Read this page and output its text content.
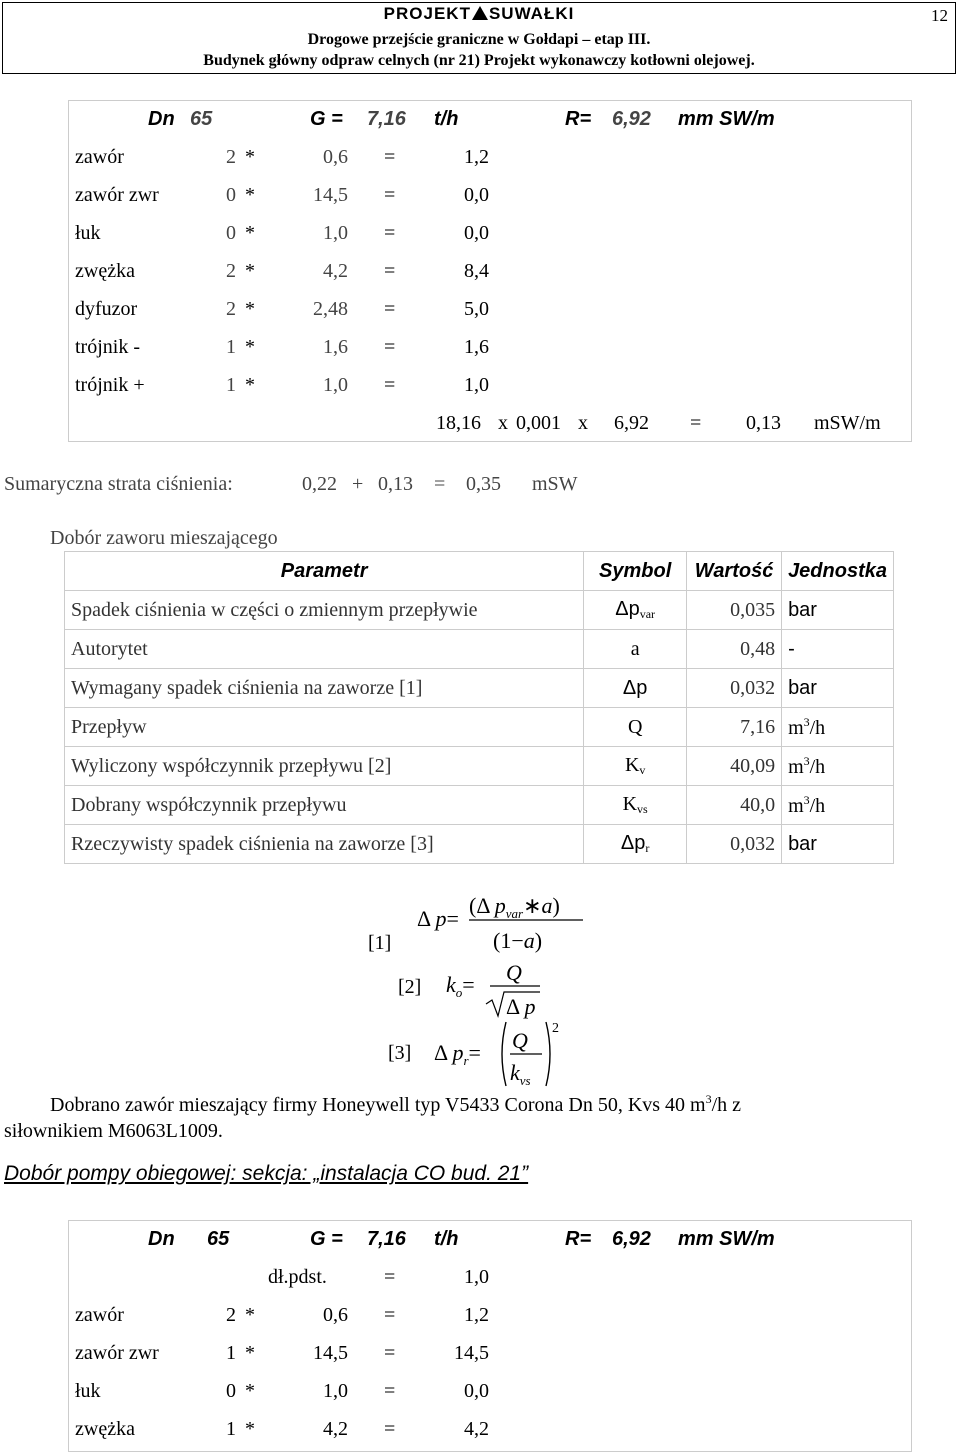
PROJEKT SUWAŁKI	12
Drogowe przejście graniczne w Gołdapi – etap III.
Budynek główny odpraw celnych (nr 21) Projekt wykonawczy kotłowni olejowej.
Dn 65	G = 7,16 t/h	R= 6,92 mm SW/m
zawór	2 *	0,6 =	1,2
zawór zwr	0 *	14,5 =	0,0
łuk	0 *	1,0 =	0,0
zwężka	2 *	4,2 =	8,4
dyfuzor	2 *	2,48 =	5,0
trójnik -	1 *	1,6 =	1,6
trójnik +	1 *	1,0 =	1,0
18,16 x 0,001 x 6,92 = 0,13 mSW/m
Sumaryczna strata ciśnienia:	0,22 + 0,13 = 0,35 mSW
Dobór zaworu mieszającego
Parametr	Symbol	Wartość	Jednostka
Spadek ciśnienia w części o zmiennym przepływie	$\Delta p_{var}$	0,035	bar
Autorytet	a	0,48	-
Wymagany spadek ciśnienia na zaworze [1]	Δp	0,032	bar
Przepływ	Q	7,16	$m^3/h$
Wyliczony współczynnik przepływu [2]	$K_v$	40,09	$m^3/h$
Dobrany współczynnik przepływu	$K_{vs}$	40,0	$m^3/h$
Rzeczywisty spadek ciśnienia na zaworze [3]	$\Delta p_r$	0,032	bar
[1]
Δ p=
(Δ $p_{var}∗a$)
(1−a)
[2] $k_o= Q$
Δ p
[3] Δ $p_r= Q$
$k_{vs}$
2
Dobrano zawór mieszający firmy Honeywell typ V5433 Corona Dn 50, Kvs 40 $m^3/h$ z
siłownikiem M6063L1009.
Dobór pompy obiegowej: sekcja: „instalacja CO bud. 21”
Dn 65	G = 7,16 t/h	R= 6,92 mm SW/m
dł.pdst.	=	1,0
zawór	2 *	0,6 =	1,2
zawór zwr	1 *	14,5 =	14,5
łuk	0 *	1,0 =	0,0
zwężka	1 *	4,2 =	4,2
